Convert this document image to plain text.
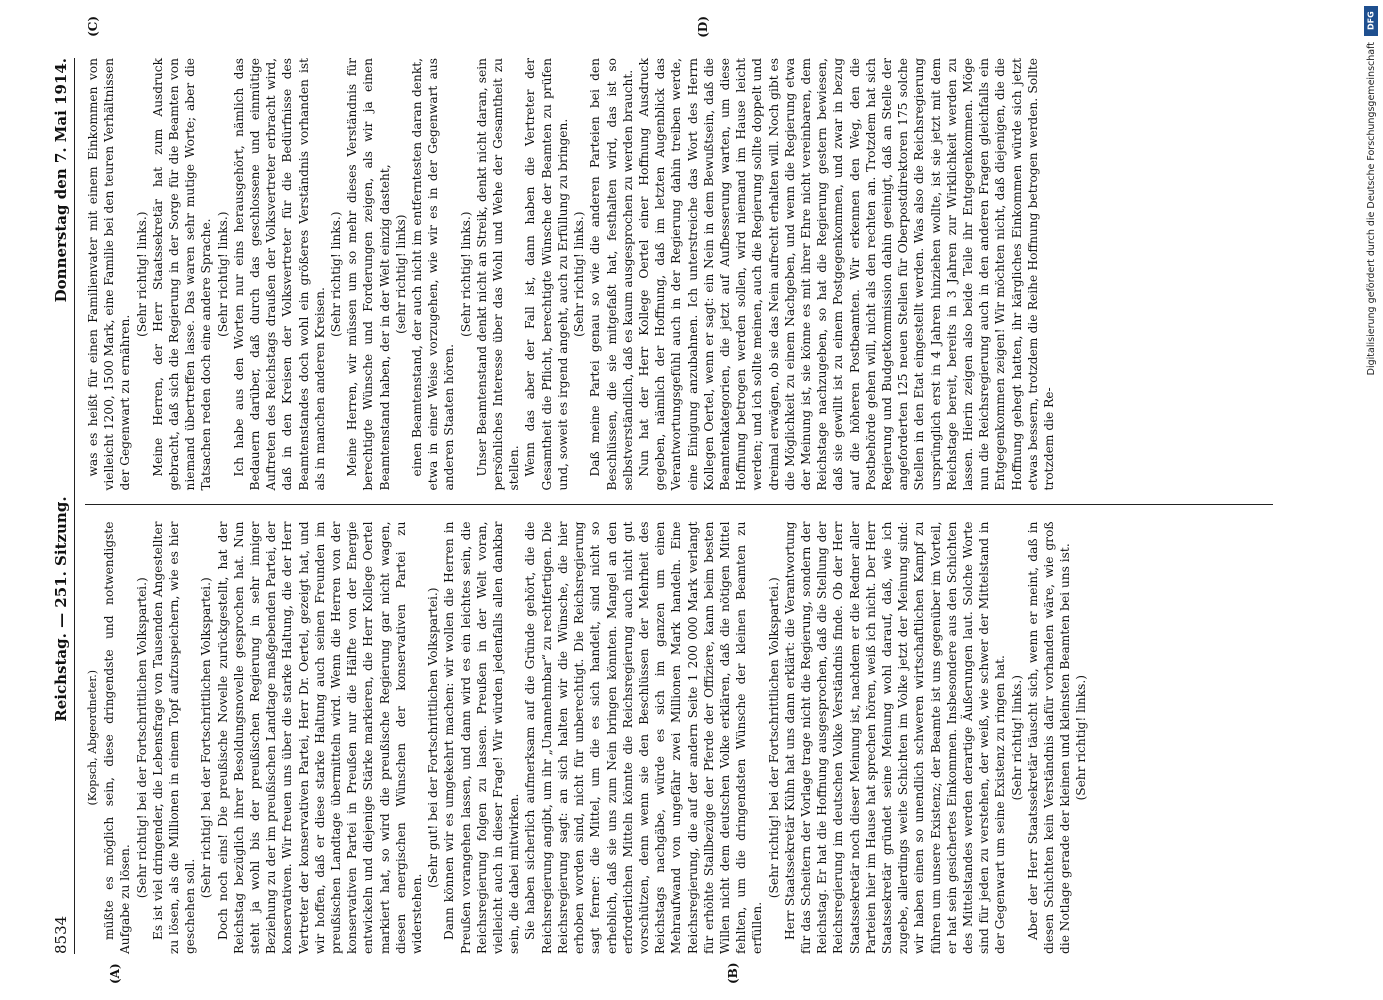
8534
Reichstag. — 251. Sitzung.
Donnerstag den 7. Mai 1914.
(A)	(B)

(Kopsch, Abgeordneter.) müßte es möglich sein, diese dringendste und notwendigste Aufgabe zu lösen.

(Sehr richtig! bei der Fortschrittlichen Volkspartei.) Es ist viel dringender, die Lebensfrage von Tausenden Angestellter zu lösen, als die Millionen in einem Topf aufzuspeichern, wie es hier geschehen soll.

(Sehr richtig! bei der Fortschrittlichen Volkspartei.) Doch noch eins! Die preußische Novelle zurückgestellt, hat der Reichstag bezüglich ihrer Besoldungsnovelle gesprochen hat. Nun steht ja wohl bis der preußischen Regierung in sehr inniger Beziehung zu der im preußischen Landtage maßgebenden Partei, der konservativen. Wir freuen uns über die starke Haltung, die der Herr Vertreter der konservativen Partei, Herr Dr. Oertel, gezeigt hat, und wir hoffen, daß er diese starke Haltung auch seinen Freunden im preußischen Landtage übermitteln wird. Wenn die Herren von der konservativen Partei in Preußen nur die Hälfte von der Energie entwickeln und diejenige Stärke markieren, die Herr Kollege Oertel markiert hat, so wird die preußische Regierung gar nicht wagen, diesen energischen Wünschen der konservativen Partei zu widerstehen.

(Sehr gut! bei der Fortschrittlichen Volkspartei.) Dann können wir es umgekehrt machen: wir wollen die Herren in Preußen vorangehen lassen, und dann wird es ein leichtes sein, die Reichsregierung folgen zu lassen. Preußen in der Welt voran, vielleicht auch in dieser Frage! Wir würden jedenfalls allen dankbar sein, die dabei mitwirken. Sie haben sicherlich aufmerksam auf die Gründe gehört, die die Reichsregierung angibt, um ihr „Unannehmbar“ zu rechtfertigen. Die Reichsregierung sagt: an sich halten wir die Wünsche, die hier erhoben worden sind, nicht für unberechtigt. Die Reichsregierung sagt ferner: die Mittel, um die es sich handelt, sind nicht so erheblich, daß sie uns zum Nein bringen könnten. Mangel an den erforderlichen Mitteln könnte die Reichsregierung auch nicht gut vorschützen, denn wenn sie den Beschlüssen der Mehrheit des Reichstags nachgäbe, würde es sich im ganzen um einen Mehraufwand von ungefähr zwei Millionen Mark handeln. Eine Reichsregierung, die auf der andern Seite 1 200 000 Mark verlangt für erhöhte Stallbezüge der Pferde der Offiziere, kann beim besten Willen nicht dem deutschen Volke erklären, daß die nötigen Mittel fehlten, um die dringendsten Wünsche der kleinen Beamten zu erfüllen.

(Sehr richtig! bei der Fortschrittlichen Volkspartei.) Herr Staatssekretär Kühn hat uns dann erklärt: die Verantwortung für das Scheitern der Vorlage trage nicht die Regierung, sondern der Reichstag. Er hat die Hoffnung ausgesprochen, daß die Stellung der Reichsregierung im deutschen Volke Verständnis finde. Ob der Herr Staatssekretär noch dieser Meinung ist, nachdem er die Redner aller Parteien hier im Hause hat sprechen hören, weiß ich nicht. Der Herr Staatssekretär gründet seine Meinung wohl darauf, daß, wie ich zugebe, allerdings weite Schichten im Volke jetzt der Meinung sind: wir haben einen so unendlich schweren wirtschaftlichen Kampf zu führen um unsere Existenz; der Beamte ist uns gegenüber im Vorteil, er hat sein gesichertes Einkommen. Insbesondere aus den Schichten des Mittelstandes werden derartige Äußerungen laut. Solche Worte sind für jeden zu verstehen, der weiß, wie schwer der Mittelstand in der Gegenwart um seine Existenz zu ringen hat. (Sehr richtig! links.) Aber der Herr Staatssekretär täuscht sich, wenn er meint, daß in diesen Schichten kein Verständnis dafür vorhanden wäre, wie groß die Notlage gerade der kleinen und kleinsten Beamten bei uns ist. (Sehr richtig! links.)

(C)	(D)

was es heißt für einen Familienvater mit einem Einkommen von vielleicht 1200, 1500 Mark, eine Familie bei den teuren Verhältnissen der Gegenwart zu ernähren.

(Sehr richtig! links.) Meine Herren, der Herr Staatssekretär hat zum Ausdruck gebracht, daß sich die Regierung in der Sorge für die Beamten von niemand übertreffen lasse. Das waren sehr mutige Worte; aber die Tatsachen reden doch eine andere Sprache. (Sehr richtig! links.) Ich habe aus den Worten nur eins herausgehört, nämlich das Bedauern darüber, daß durch das geschlossene und einmütige Auftreten des Reichstags draußen der Volksvertreter erbracht wird, daß in den Kreisen der Volksvertreter für die Bedürfnisse des Beamtenstandes doch wohl ein größeres Verständnis vorhanden ist als in manchen anderen Kreisen.

(Sehr richtig! links.) Meine Herren, wir müssen um so mehr dieses Verständnis für berechtigte Wünsche und Forderungen zeigen, als wir ja einen Beamtenstand haben, der in der Welt einzig dasteht, (sehr richtig! links) einen Beamtenstand, der auch nicht im entferntesten daran denkt, etwa in einer Weise vorzugehen, wie wir es in der Gegenwart aus anderen Staaten hören.

(Sehr richtig! links.) Unser Beamtenstand denkt nicht an Streik, denkt nicht daran, sein persönliches Interesse über das Wohl und Wehe der Gesamtheit zu stellen. Wenn das aber der Fall ist, dann haben die Vertreter der Gesamtheit die Pflicht, berechtigte Wünsche der Beamten zu prüfen und, soweit es irgend angeht, auch zu Erfüllung zu bringen. (Sehr richtig! links.) Daß meine Partei genau so wie die anderen Parteien bei den Beschlüssen, die sie mitgefaßt hat, festhalten wird, das ist so selbstverständlich, daß es kaum ausgesprochen zu werden braucht. Nun hat der Herr Kollege Oertel einer Hoffnung Ausdruck gegeben, nämlich der Hoffnung, daß im letzten Augenblick das Verantwortungsgefühl auch in der Regierung dahin treiben werde, eine Einigung anzubahnen. Ich unterstreiche das Wort des Herrn Kollegen Oertel, wenn er sagt: ein Nein in dem Bewußtsein, daß die Beamtenkategorien, die jetzt auf Aufbesserung warten, um diese Hoffnung betrogen werden sollen, wird niemand im Hause leicht werden; und ich sollte meinen, auch die Regierung sollte doppelt und dreimal erwägen, ob sie das Nein aufrecht erhalten will. Noch gibt es die Möglichkeit zu einem Nachgeben, und wenn die Regierung etwa der Meinung ist, sie könne es mit ihrer Ehre nicht vereinbaren, dem Reichstage nachzugeben, so hat die Regierung gestern bewiesen, daß sie gewillt ist zu einem Postgegenkommen, und zwar in bezug auf die höheren Postbeamten. Wir erkennen den Weg, den die Postbehörde gehen will, nicht als den rechten an. Trotzdem hat sich Regierung und Budgetkommission dahin geeinigt, daß an Stelle der angeforderten 125 neuen Stellen für Oberpostdirektoren 175 solche Stellen in den Etat eingestellt werden. Was also die Reichsregierung ursprünglich erst in 4 Jahren hinziehen wollte, ist sie jetzt mit dem Reichstage bereit, bereits in 3 Jahren zur Wirklichkeit werden zu lassen. Hierin zeigen also beide Teile ihr Entgegenkommen. Möge nun die Reichsregierung auch in den anderen Fragen gleichfalls ein Entgegenkommen zeigen! Wir möchten nicht, daß diejenigen, die die Hoffnung gehegt hatten, ihr kärgliches Einkommen würde sich jetzt etwas bessern, trotzdem die Reihe Hoffnung betrogen werden. Sollte trotzdem die Re-

DFG
Digitalisierung gefördert durch die Deutsche Forschungsgemeinschaft
